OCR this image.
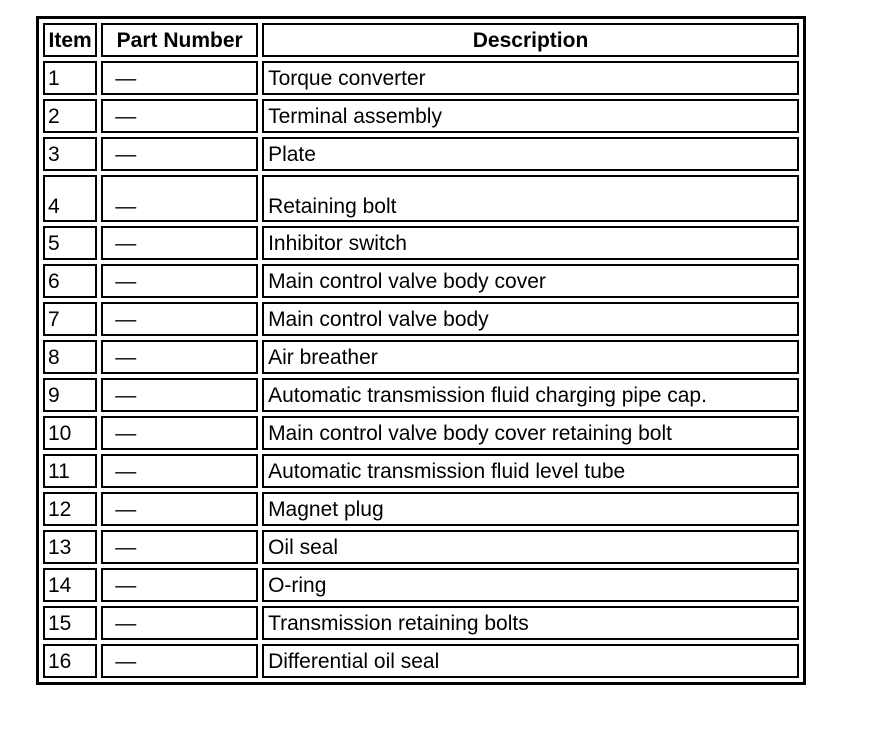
Item	Part Number	Description
1	—	Torque converter
2	—	Terminal assembly
3	—	Plate
4	—	Retaining bolt
5	—	Inhibitor switch
6	—	Main control valve body cover
7	—	Main control valve body
8	—	Air breather
9	—	Automatic transmission fluid charging pipe cap.
10	—	Main control valve body cover retaining bolt
11	—	Automatic transmission fluid level tube
12	—	Magnet plug
13	—	Oil seal
14	—	O-ring
15	—	Transmission retaining bolts
16	—	Differential oil seal
